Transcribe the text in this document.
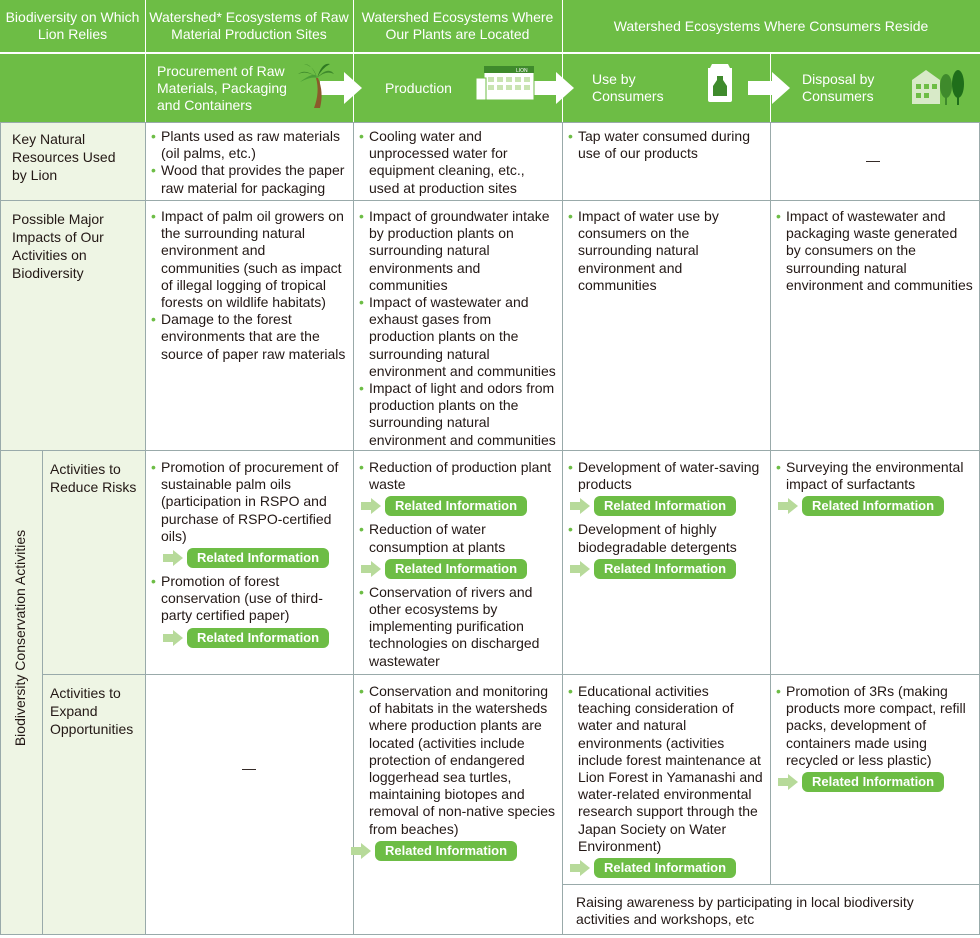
Biodiversity on Which Lion Relies
Watershed* Ecosystems of Raw Material Production Sites
Watershed Ecosystems Where Our Plants are Located
Watershed Ecosystems Where Consumers Reside
Procurement of Raw Materials, Packaging and Containers
Production
Use by Consumers
Disposal by Consumers
LION
Key Natural Resources Used by Lion
Possible Major Impacts of Our Activities on Biodiversity
Biodiversity Conservation Activities
Activities to Reduce Risks
Activities to Expand Opportunities
• Plants used as raw materials (oil palms, etc.)
• Wood that provides the paper raw material for packaging
• Cooling water and unprocessed water for equipment cleaning, etc., used at production sites
• Tap water consumed during use of our products	—
• Impact of palm oil growers on the surrounding natural environment and communities (such as impact of illegal logging of tropical forests on wildlife habitats)
• Damage to the forest environments that are the source of paper raw materials
• Impact of groundwater intake by production plants on surrounding natural environments and communities
• Impact of wastewater and exhaust gases from production plants on the surrounding natural environment and communities
• Impact of light and odors from production plants on the surrounding natural environment and communities
• Impact of water use by consumers on the surrounding natural environment and communities
• Impact of wastewater and packaging waste generated by consumers on the surrounding natural environment and communities
• Promotion of procurement of sustainable palm oils (participation in RSPO and purchase of RSPO-certified oils)
Related Information
• Promotion of forest conservation (use of third-party certified paper)
Related Information
• Reduction of production plant waste
Related Information
• Reduction of water consumption at plants
Related Information
• Conservation of rivers and other ecosystems by implementing purification technologies on discharged wastewater
• Development of water-saving products
Related Information
• Development of highly biodegradable detergents
Related Information
• Surveying the environmental impact of surfactants
Related Information
—
• Conservation and monitoring of habitats in the watersheds where production plants are located (activities include protection of endangered loggerhead sea turtles, maintaining biotopes and removal of non-native species from beaches)
Related Information
• Educational activities teaching consideration of water and natural environments (activities include forest maintenance at Lion Forest in Yamanashi and water-related environmental research support through the Japan Society on Water Environment)
Related Information
• Promotion of 3Rs (making products more compact, refill packs, development of containers made using recycled or less plastic)
Related Information
Raising awareness by participating in local biodiversity activities and workshops, etc
